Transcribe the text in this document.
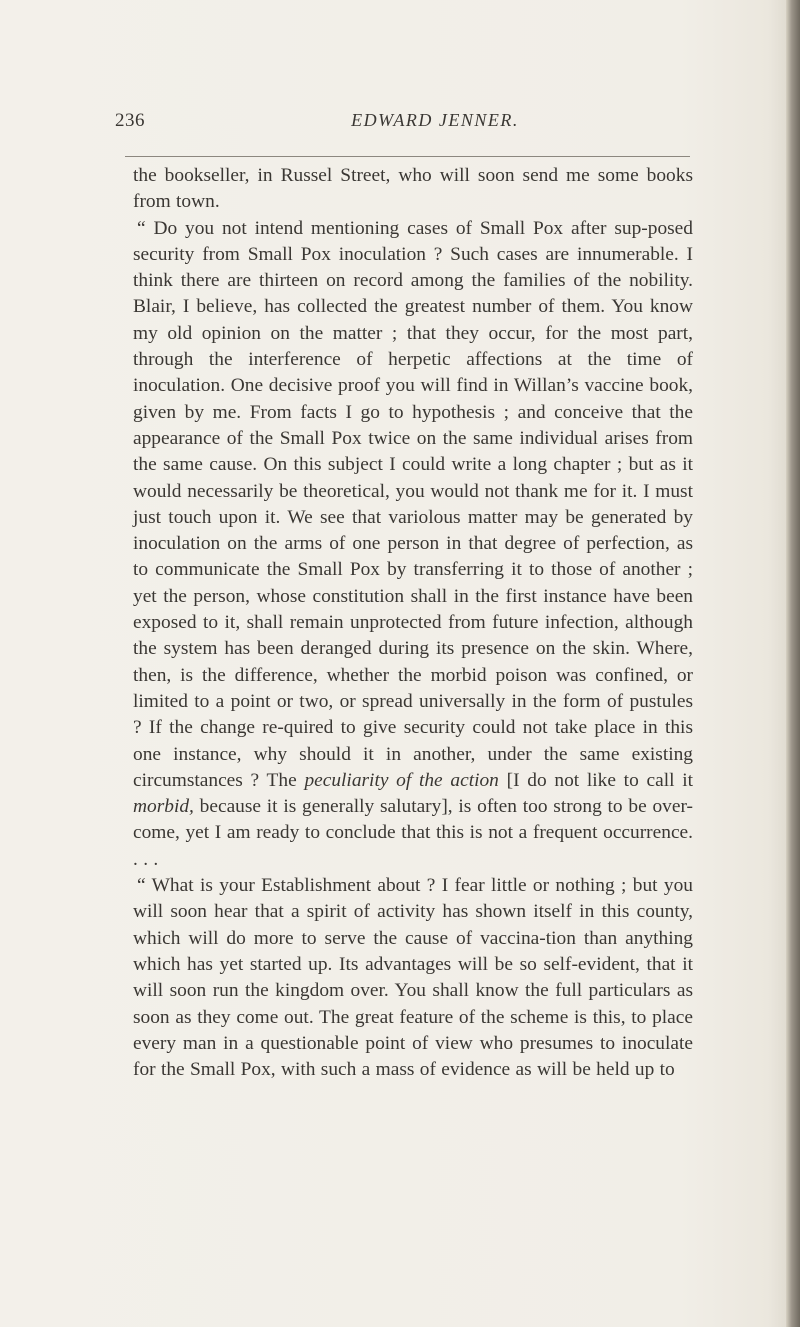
236	EDWARD JENNER.

the bookseller, in Russel Street, who will soon send me some books from town.

“ Do you not intend mentioning cases of Small Pox after sup-posed security from Small Pox inoculation ? Such cases are innumerable. I think there are thirteen on record among the families of the nobility. Blair, I believe, has collected the greatest number of them. You know my old opinion on the matter ; that they occur, for the most part, through the interference of herpetic affections at the time of inoculation. One decisive proof you will find in Willan’s vaccine book, given by me. From facts I go to hypothesis ; and conceive that the appearance of the Small Pox twice on the same individual arises from the same cause. On this subject I could write a long chapter ; but as it would necessarily be theoretical, you would not thank me for it. I must just touch upon it. We see that variolous matter may be generated by inoculation on the arms of one person in that degree of perfection, as to communicate the Small Pox by transferring it to those of another ; yet the person, whose constitution shall in the first instance have been exposed to it, shall remain unprotected from future infection, although the system has been deranged during its presence on the skin. Where, then, is the difference, whether the morbid poison was confined, or limited to a point or two, or spread universally in the form of pustules ? If the change re-quired to give security could not take place in this one instance, why should it in another, under the same existing circumstances ? The peculiarity of the action [I do not like to call it morbid, because it is generally salutary], is often too strong to be over-come, yet I am ready to conclude that this is not a frequent occurrence. . . .

“ What is your Establishment about ? I fear little or nothing ; but you will soon hear that a spirit of activity has shown itself in this county, which will do more to serve the cause of vaccina-tion than anything which has yet started up. Its advantages will be so self-evident, that it will soon run the kingdom over. You shall know the full particulars as soon as they come out. The great feature of the scheme is this, to place every man in a questionable point of view who presumes to inoculate for the Small Pox, with such a mass of evidence as will be held up to
